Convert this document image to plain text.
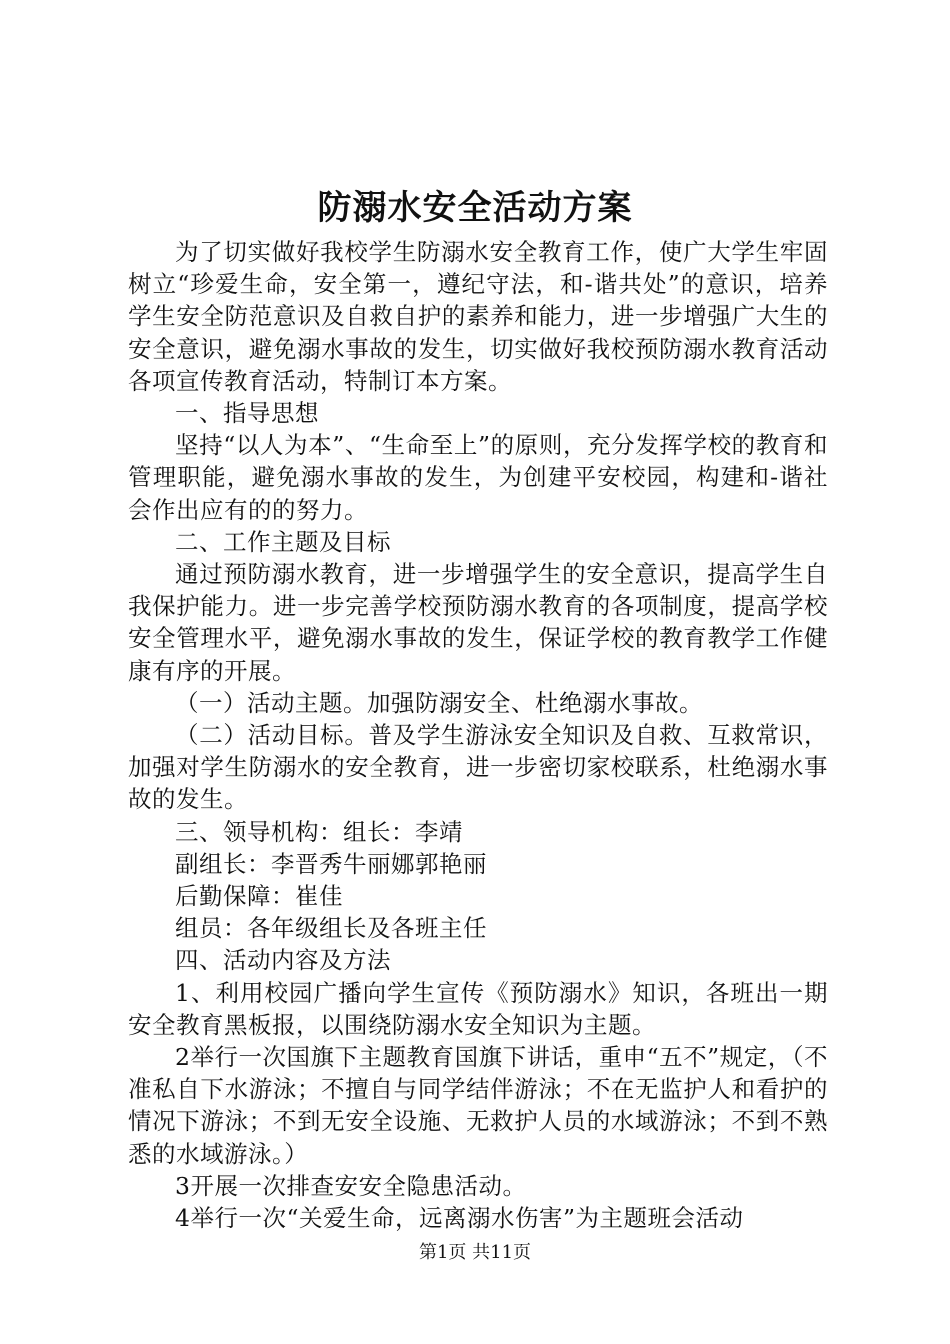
防溺水安全活动方案

为了切实做好我校学生防溺水安全教育工作，使广大学生牢固树立“珍爱生命，安全第一，遵纪守法，和-谐共处”的意识，培养学生安全防范意识及自救自护的素养和能力，进一步增强广大生的安全意识，避免溺水事故的发生，切实做好我校预防溺水教育活动各项宣传教育活动，特制订本方案。

一、指导思想

坚持“以人为本”、“生命至上”的原则，充分发挥学校的教育和管理职能，避免溺水事故的发生，为创建平安校园，构建和-谐社会作出应有的的努力。

二、工作主题及目标

通过预防溺水教育，进一步增强学生的安全意识，提高学生自我保护能力。进一步完善学校预防溺水教育的各项制度，提高学校安全管理水平，避免溺水事故的发生，保证学校的教育教学工作健康有序的开展。

（一）活动主题。加强防溺安全、杜绝溺水事故。

（二）活动目标。普及学生游泳安全知识及自救、互救常识，加强对学生防溺水的安全教育，进一步密切家校联系，杜绝溺水事故的发生。

三、领导机构：组长：李靖

副组长：李晋秀牛丽娜郭艳丽

后勤保障：崔佳

组员：各年级组长及各班主任

四、活动内容及方法

1、利用校园广播向学生宣传《预防溺水》知识，各班出一期安全教育黑板报，以围绕防溺水安全知识为主题。

2举行一次国旗下主题教育国旗下讲话，重申“五不”规定，（不准私自下水游泳；不擅自与同学结伴游泳；不在无监护人和看护的情况下游泳；不到无安全设施、无救护人员的水域游泳；不到不熟悉的水域游泳。）

3开展一次排查安安全隐患活动。

4举行一次“关爱生命，远离溺水伤害”为主题班会活动

第1页 共11页
